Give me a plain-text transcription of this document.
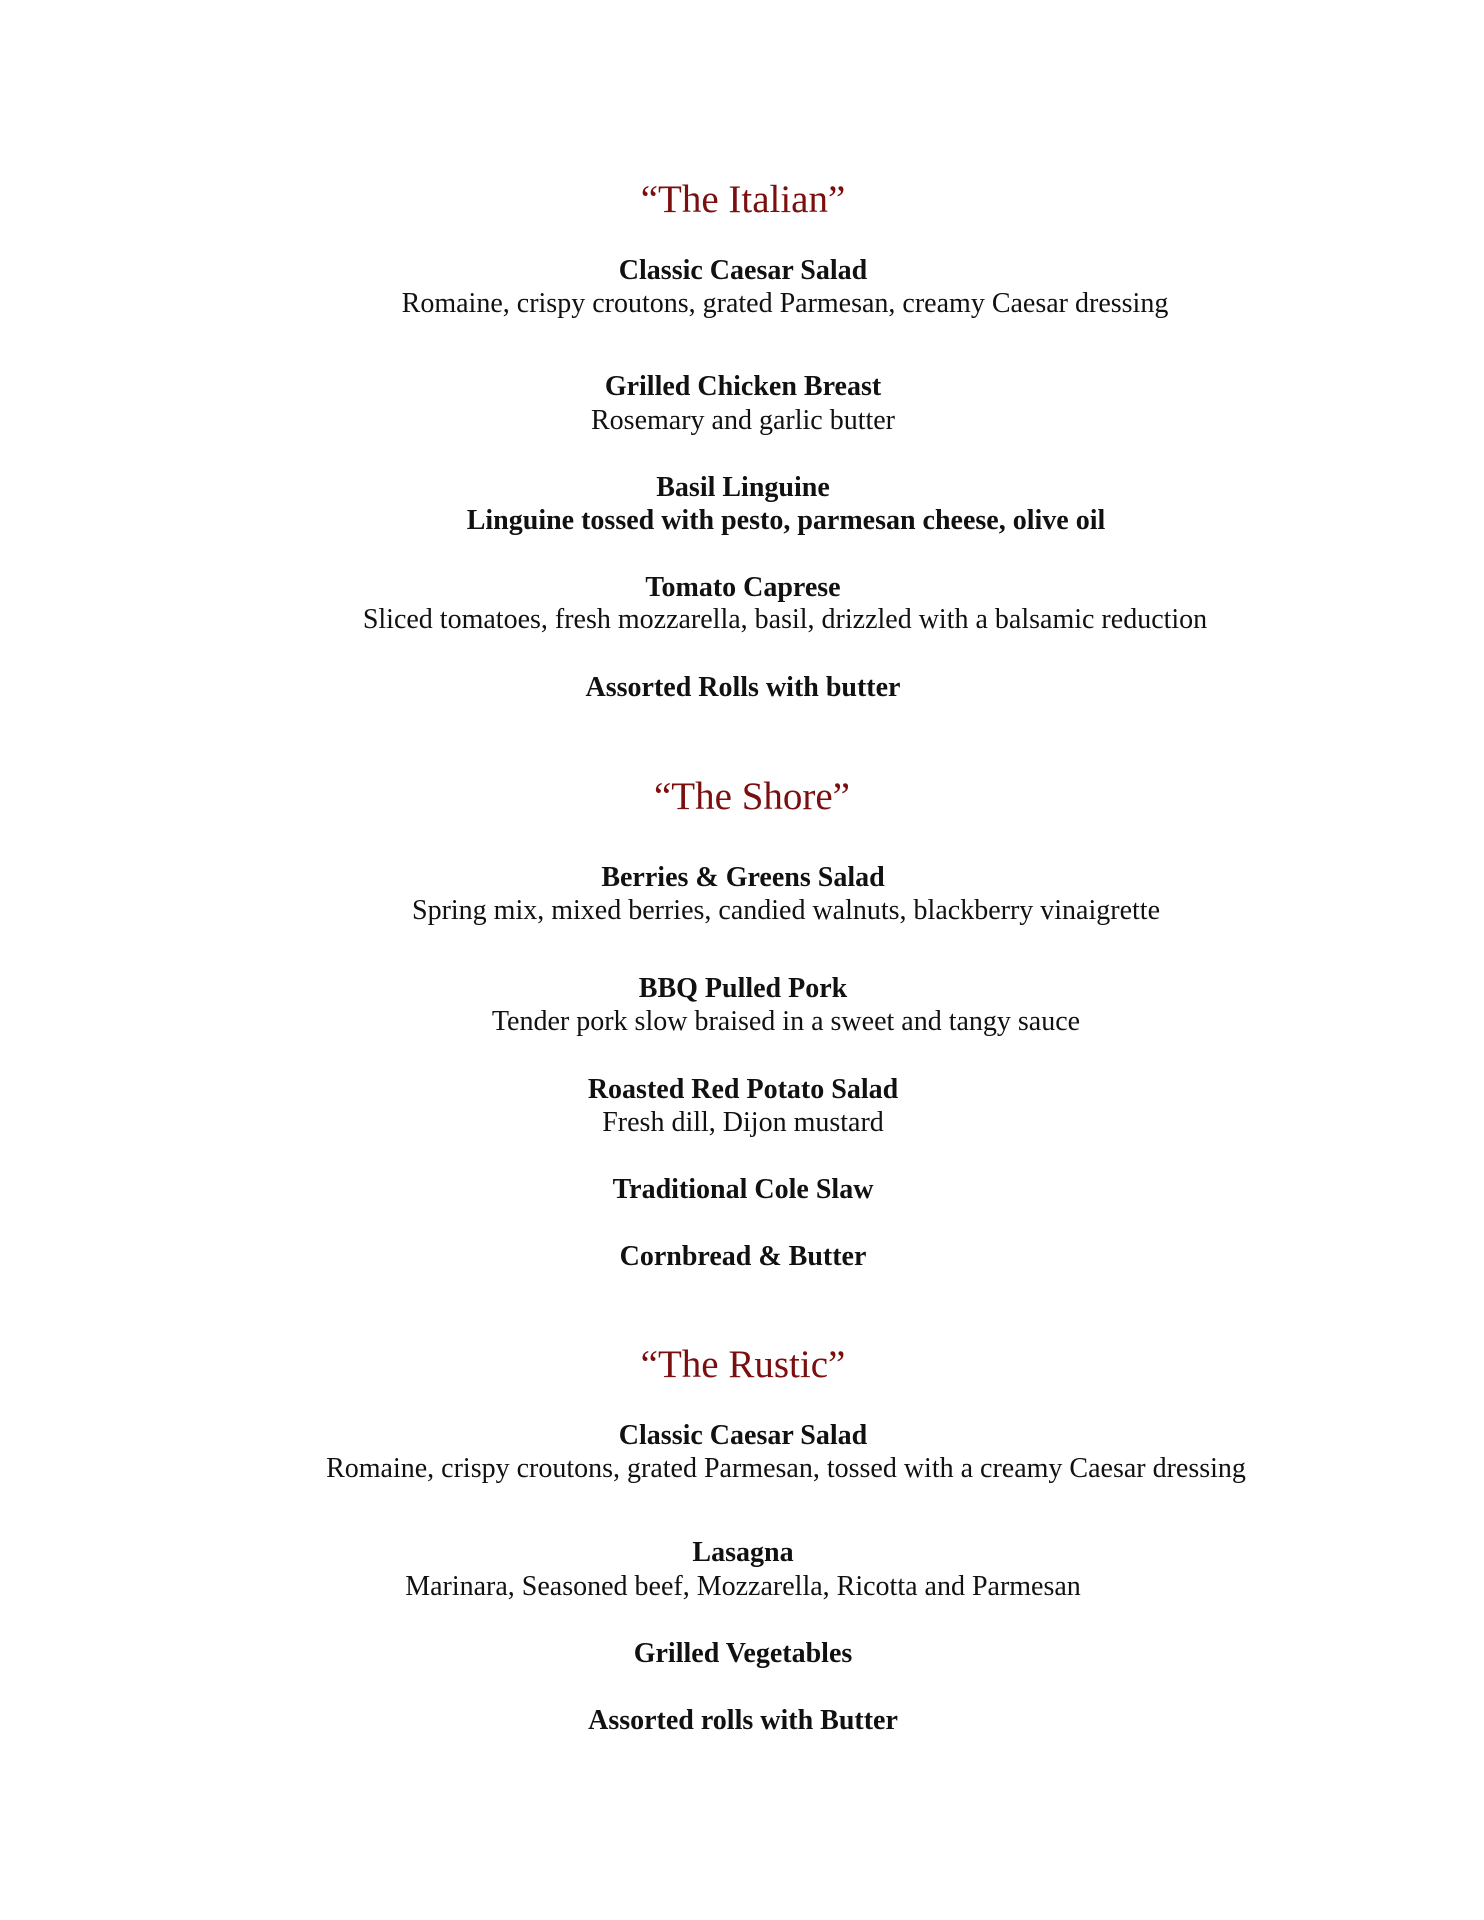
“The Italian”
Classic Caesar Salad
Romaine, crispy croutons, grated Parmesan, creamy Caesar dressing
Grilled Chicken Breast
Rosemary and garlic butter
Basil Linguine
Linguine tossed with pesto, parmesan cheese, olive oil
Tomato Caprese
Sliced tomatoes, fresh mozzarella, basil, drizzled with a balsamic reduction
Assorted Rolls with butter
“The Shore”
Berries & Greens Salad
Spring mix, mixed berries, candied walnuts, blackberry vinaigrette
BBQ Pulled Pork
Tender pork slow braised in a sweet and tangy sauce
Roasted Red Potato Salad
Fresh dill, Dijon mustard
Traditional Cole Slaw
Cornbread & Butter
“The Rustic”
Classic Caesar Salad
Romaine, crispy croutons, grated Parmesan, tossed with a creamy Caesar dressing
Lasagna
Marinara, Seasoned beef, Mozzarella, Ricotta and Parmesan
Grilled Vegetables
Assorted rolls with Butter
